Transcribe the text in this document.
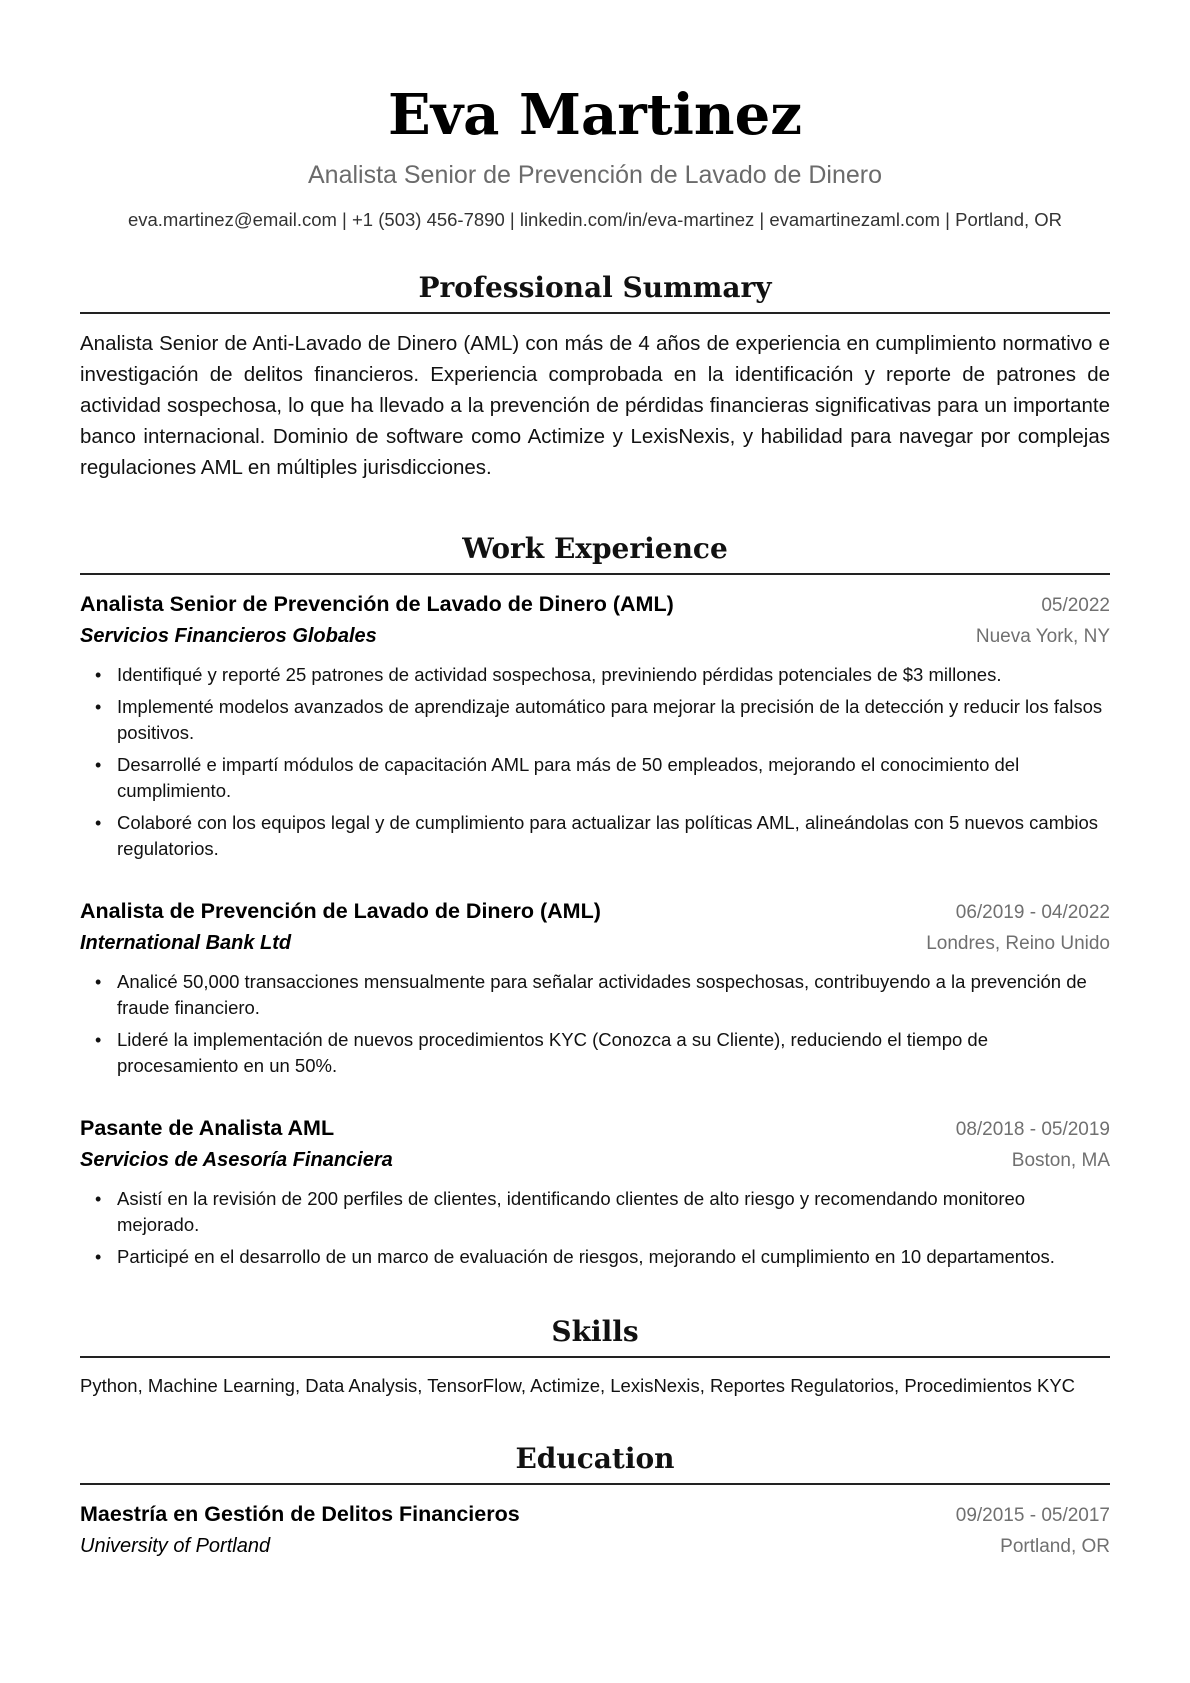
Eva Martinez
Analista Senior de Prevención de Lavado de Dinero
eva.martinez@email.com | +1 (503) 456-7890 | linkedin.com/in/eva-martinez | evamartinezaml.com | Portland, OR
Professional Summary

Analista Senior de Anti-Lavado de Dinero (AML) con más de 4 años de experiencia en cumplimiento normativo e investigación de delitos financieros. Experiencia comprobada en la identificación y reporte de patrones de actividad sospechosa, lo que ha llevado a la prevención de pérdidas financieras significativas para un importante banco internacional. Dominio de software como Actimize y LexisNexis, y habilidad para navegar por complejas regulaciones AML en múltiples jurisdicciones.

Work Experience
Analista Senior de Prevención de Lavado de Dinero (AML)	05/2022
Servicios Financieros Globales	Nueva York, NY
• Identifiqué y reporté 25 patrones de actividad sospechosa, previniendo pérdidas potenciales de $3 millones.
• Implementé modelos avanzados de aprendizaje automático para mejorar la precisión de la detección y reducir los falsos positivos.
• Desarrollé e impartí módulos de capacitación AML para más de 50 empleados, mejorando el conocimiento del cumplimiento.
• Colaboré con los equipos legal y de cumplimiento para actualizar las políticas AML, alineándolas con 5 nuevos cambios regulatorios.
Analista de Prevención de Lavado de Dinero (AML)	06/2019 - 04/2022
International Bank Ltd	Londres, Reino Unido
• Analicé 50,000 transacciones mensualmente para señalar actividades sospechosas, contribuyendo a la prevención de fraude financiero.
• Lideré la implementación de nuevos procedimientos KYC (Conozca a su Cliente), reduciendo el tiempo de procesamiento en un 50%.
Pasante de Analista AML	08/2018 - 05/2019
Servicios de Asesoría Financiera	Boston, MA
• Asistí en la revisión de 200 perfiles de clientes, identificando clientes de alto riesgo y recomendando monitoreo mejorado.
• Participé en el desarrollo de un marco de evaluación de riesgos, mejorando el cumplimiento en 10 departamentos.
Skills
Python, Machine Learning, Data Analysis, TensorFlow, Actimize, LexisNexis, Reportes Regulatorios, Procedimientos KYC
Education
Maestría en Gestión de Delitos Financieros	09/2015 - 05/2017
University of Portland	Portland, OR
